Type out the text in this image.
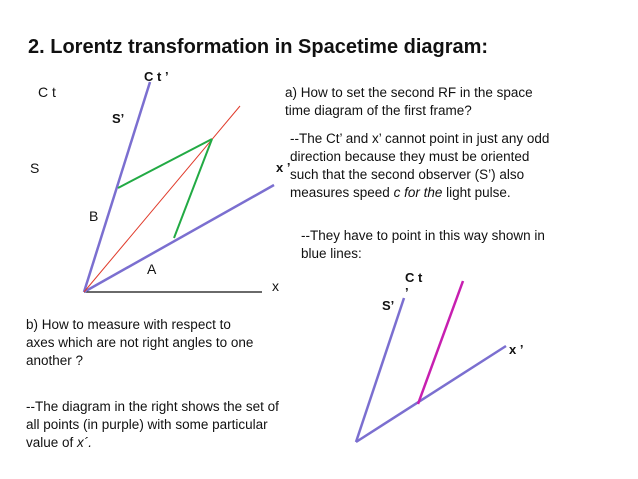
2. Lorentz transformation in Spacetime diagram:
C t
C t ’
S’
S
B
A
x
x ’
C t
’
S’
x ’
a) How to set the second RF in the space
time diagram of the first frame?
--The Ct’ and x’ cannot point in just any odd
direction because they must be oriented
such that the second observer (S’) also
measures speed c for the light pulse.
--They have to point in this way shown in
blue lines:
b) How to measure with respect to
axes which are not right angles to one
another ?
--The diagram in the right shows the set of
all points (in purple) with some particular
value of x´.
